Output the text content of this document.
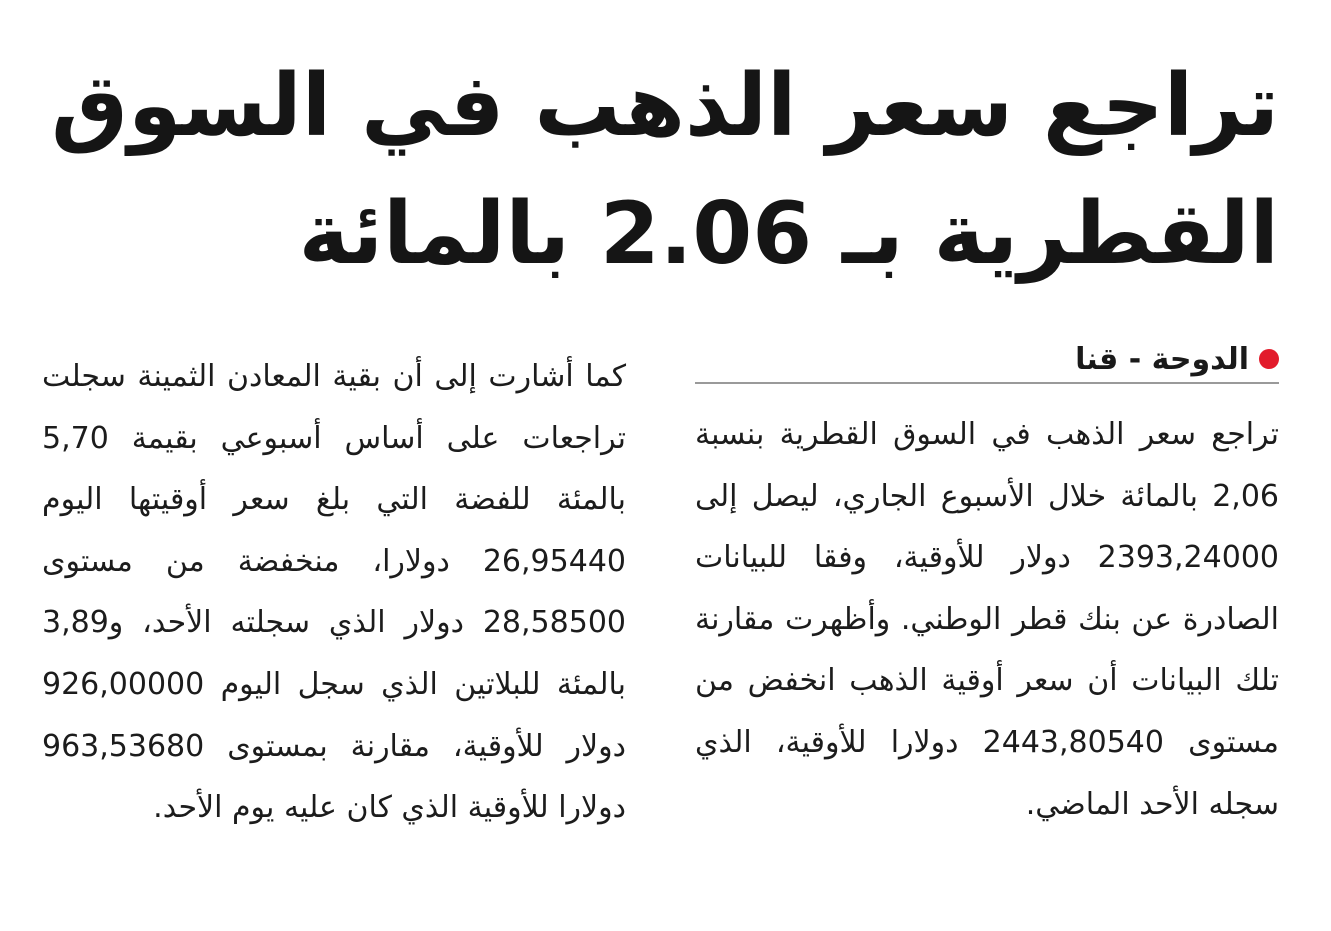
تراجع سعر الذهب في السوق
القطرية بـ 2.06 بالمائة
الدوحة - قنا

تراجع سعر الذهب في السوق القطرية بنسبة 2,06 بالمائة خلال الأسبوع الجاري، ليصل إلى 2393,24000 دولار للأوقية، وفقا للبيانات الصادرة عن بنك قطر الوطني. وأظهرت مقارنة تلك البيانات أن سعر أوقية الذهب انخفض من مستوى 2443,80540 دولارا للأوقية، الذي سجله الأحد الماضي.

كما أشارت إلى أن بقية المعادن الثمينة سجلت تراجعات على أساس أسبوعي بقيمة 5,70 بالمئة للفضة التي بلغ سعر أوقيتها اليوم 26,95440 دولارا، منخفضة من مستوى 28,58500 دولار الذي سجلته الأحد، و3,89 بالمئة للبلاتين الذي سجل اليوم 926,00000 دولار للأوقية، مقارنة بمستوى 963,53680 دولارا للأوقية الذي كان عليه يوم الأحد.
